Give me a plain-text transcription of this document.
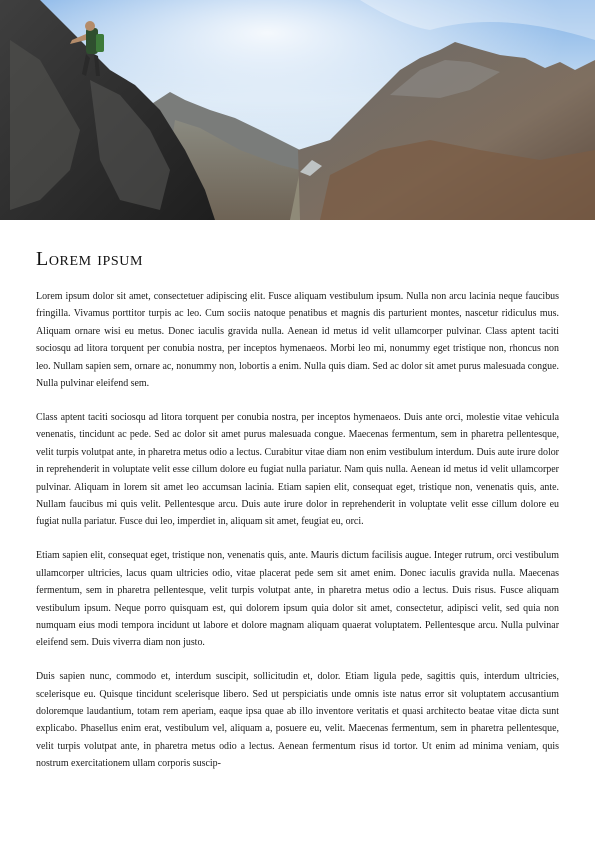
Lorem ipsum

Lorem ipsum dolor sit amet, consectetuer adipiscing elit. Fusce aliquam vestibulum ipsum. Nulla non arcu lacinia neque faucibus fringilla. Vivamus porttitor turpis ac leo. Cum sociis natoque penatibus et magnis dis parturient montes, nascetur ridiculus mus. Aliquam ornare wisi eu metus. Donec iaculis gravida nulla. Aenean id metus id velit ullamcorper pulvinar. Class aptent taciti sociosqu ad litora torquent per conubia nostra, per inceptos hymenaeos. Morbi leo mi, nonummy eget tristique non, rhoncus non leo. Nullam sapien sem, ornare ac, nonummy non, lobortis a enim. Nulla quis diam. Sed ac dolor sit amet purus malesuada congue. Nulla pulvinar eleifend sem.

Class aptent taciti sociosqu ad litora torquent per conubia nostra, per inceptos hymenaeos. Duis ante orci, molestie vitae vehicula venenatis, tincidunt ac pede. Sed ac dolor sit amet purus malesuada congue. Maecenas fermentum, sem in pharetra pellentesque, velit turpis volutpat ante, in pharetra metus odio a lectus. Curabitur vitae diam non enim vestibulum interdum. Duis aute irure dolor in reprehenderit in voluptate velit esse cillum dolore eu fugiat nulla pariatur. Nam quis nulla. Aenean id metus id velit ullamcorper pulvinar. Aliquam in lorem sit amet leo accumsan lacinia. Etiam sapien elit, consequat eget, tristique non, venenatis quis, ante. Nullam faucibus mi quis velit. Pellentesque arcu. Duis aute irure dolor in reprehenderit in voluptate velit esse cillum dolore eu fugiat nulla pariatur. Fusce dui leo, imperdiet in, aliquam sit amet, feugiat eu, orci.

Etiam sapien elit, consequat eget, tristique non, venenatis quis, ante. Mauris dictum facilisis augue. Integer rutrum, orci vestibulum ullamcorper ultricies, lacus quam ultricies odio, vitae placerat pede sem sit amet enim. Donec iaculis gravida nulla. Maecenas fermentum, sem in pharetra pellentesque, velit turpis volutpat ante, in pharetra metus odio a lectus. Duis risus. Fusce aliquam vestibulum ipsum. Neque porro quisquam est, qui dolorem ipsum quia dolor sit amet, consectetur, adipisci velit, sed quia non numquam eius modi tempora incidunt ut labore et dolore magnam aliquam quaerat voluptatem. Pellentesque arcu. Nulla pulvinar eleifend sem. Duis viverra diam non justo.

Duis sapien nunc, commodo et, interdum suscipit, sollicitudin et, dolor. Etiam ligula pede, sagittis quis, interdum ultricies, scelerisque eu. Quisque tincidunt scelerisque libero. Sed ut perspiciatis unde omnis iste natus error sit voluptatem accusantium doloremque laudantium, totam rem aperiam, eaque ipsa quae ab illo inventore veritatis et quasi architecto beatae vitae dicta sunt explicabo. Phasellus enim erat, vestibulum vel, aliquam a, posuere eu, velit. Maecenas fermentum, sem in pharetra pellentesque, velit turpis volutpat ante, in pharetra metus odio a lectus. Aenean fermentum risus id tortor. Ut enim ad minima veniam, quis nostrum exercitationem ullam corporis suscip-
